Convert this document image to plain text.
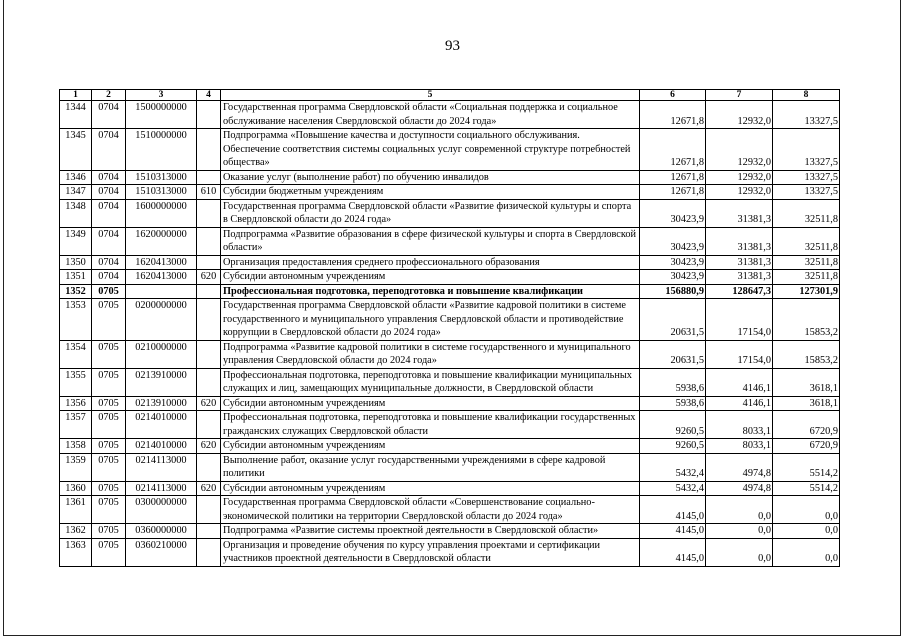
93
1	2	3	4	5	6	7	8
1344	0704	1500000000		Государственная программа Свердловской области «Социальная поддержка и социальное обслуживание населения Свердловской области до 2024 года»	12671,8	12932,0	13327,5
1345	0704	1510000000		Подпрограмма «Повышение качества и доступности социального обслуживания. Обеспечение соответствия системы социальных услуг современной структуре потребностей общества»	12671,8	12932,0	13327,5
1346	0704	1510313000		Оказание услуг (выполнение работ) по обучению инвалидов	12671,8	12932,0	13327,5
1347	0704	1510313000	610	Субсидии бюджетным учреждениям	12671,8	12932,0	13327,5
1348	0704	1600000000		Государственная программа Свердловской области «Развитие физической культуры и спорта в Свердловской области до 2024 года»	30423,9	31381,3	32511,8
1349	0704	1620000000		Подпрограмма «Развитие образования в сфере физической культуры и спорта в Свердловской области»	30423,9	31381,3	32511,8
1350	0704	1620413000		Организация предоставления среднего профессионального образования	30423,9	31381,3	32511,8
1351	0704	1620413000	620	Субсидии автономным учреждениям	30423,9	31381,3	32511,8
1352	0705			Профессиональная подготовка, переподготовка и повышение квалификации	156880,9	128647,3	127301,9
1353	0705	0200000000		Государственная программа Свердловской области «Развитие кадровой политики в системе государственного и муниципального управления Свердловской области и противодействие коррупции в Свердловской области до 2024 года»	20631,5	17154,0	15853,2
1354	0705	0210000000		Подпрограмма «Развитие кадровой политики в системе государственного и муниципального управления Свердловской области до 2024 года»	20631,5	17154,0	15853,2
1355	0705	0213910000		Профессиональная подготовка, переподготовка и повышение квалификации муниципальных служащих и лиц, замещающих муниципальные должности, в Свердловской области	5938,6	4146,1	3618,1
1356	0705	0213910000	620	Субсидии автономным учреждениям	5938,6	4146,1	3618,1
1357	0705	0214010000		Профессиональная подготовка, переподготовка и повышение квалификации государственных гражданских служащих Свердловской области	9260,5	8033,1	6720,9
1358	0705	0214010000	620	Субсидии автономным учреждениям	9260,5	8033,1	6720,9
1359	0705	0214113000		Выполнение работ, оказание услуг государственными учреждениями в сфере кадровой политики	5432,4	4974,8	5514,2
1360	0705	0214113000	620	Субсидии автономным учреждениям	5432,4	4974,8	5514,2
1361	0705	0300000000		Государственная программа Свердловской области «Совершенствование социально-экономической политики на территории Свердловской области до 2024 года»	4145,0	0,0	0,0
1362	0705	0360000000		Подпрограмма «Развитие системы проектной деятельности в Свердловской области»	4145,0	0,0	0,0
1363	0705	0360210000		Организация и проведение обучения по курсу управления проектами и сертификации участников проектной деятельности в Свердловской области	4145,0	0,0	0,0
